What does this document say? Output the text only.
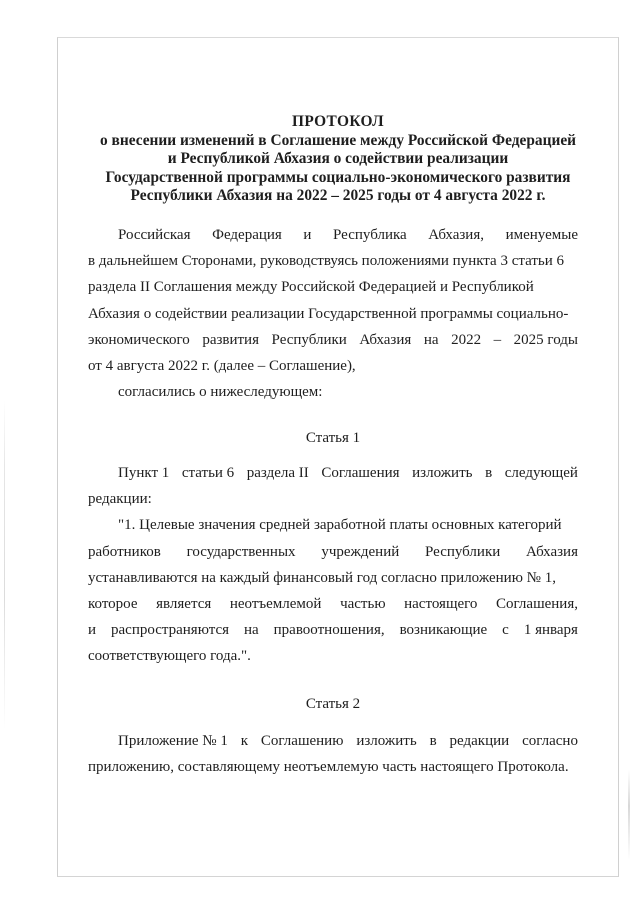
ПРОТОКОЛ
о внесении изменений в Соглашение между Российской Федерацией
и Республикой Абхазия о содействии реализации
Государственной программы социально-экономического развития
Республики Абхазия на 2022 – 2025 годы от 4 августа 2022 г.
Российская Федерация и Республика Абхазия, именуемые
в дальнейшем Сторонами, руководствуясь положениями пункта 3 статьи 6
раздела II Соглашения между Российской Федерацией и Республикой
Абхазия о содействии реализации Государственной программы социально-
экономического развития Республики Абхазия на 2022 – 2025 годы
от 4 августа 2022 г. (далее – Соглашение),
согласились о нижеследующем:
Статья 1
Пункт 1 статьи 6 раздела II Соглашения изложить в следующей
редакции:
"1. Целевые значения средней заработной платы основных категорий
работников государственных учреждений Республики Абхазия
устанавливаются на каждый финансовый год согласно приложению № 1,
которое является неотъемлемой частью настоящего Соглашения,
и распространяются на правоотношения, возникающие с 1 января
соответствующего года.".
Статья 2
Приложение № 1 к Соглашению изложить в редакции согласно
приложению, составляющему неотъемлемую часть настоящего Протокола.
